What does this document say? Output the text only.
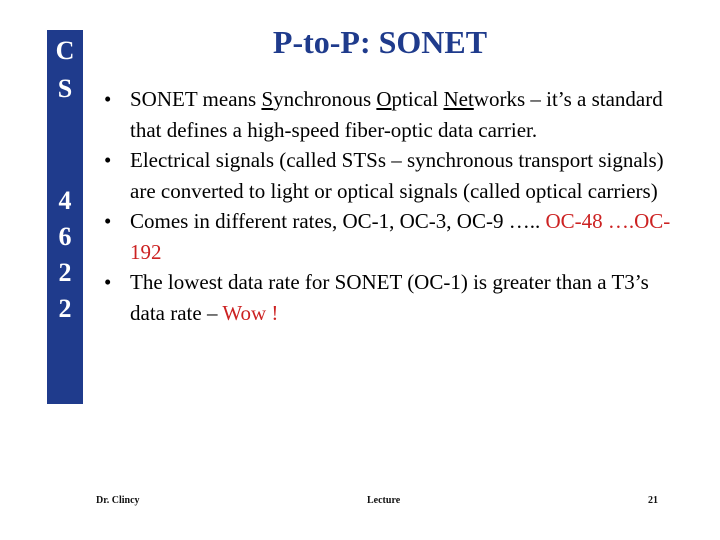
C
S
4
6
2
2
P-to-P: SONET
• SONET means Synchronous Optical Networks – it’s a standard that defines a high-speed fiber-optic data carrier.
• Electrical signals (called STSs – synchronous transport signals) are converted to light or optical signals (called optical carriers)
• Comes in different rates, OC-1, OC-3, OC-9 ….. OC-48 ….OC-192
• The lowest data rate for SONET (OC-1) is greater than a T3’s data rate – Wow !
Dr. Clincy	Lecture	21
